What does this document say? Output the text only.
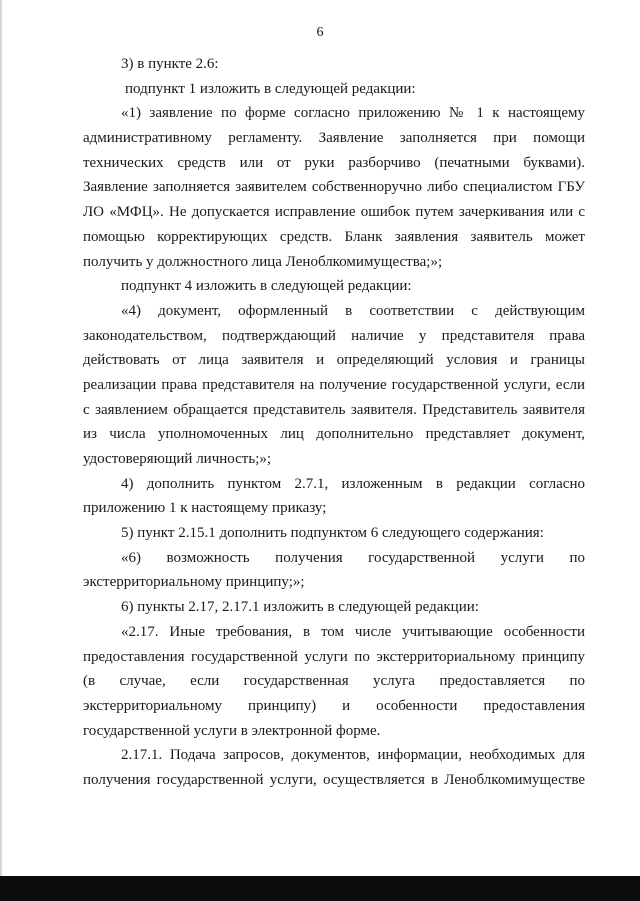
6
3) в пункте 2.6:
подпункт 1 изложить в следующей редакции:
«1) заявление по форме согласно приложению № 1 к настоящему
административному регламенту. Заявление заполняется при помощи
технических средств или от руки разборчиво (печатными буквами).
Заявление заполняется заявителем собственноручно либо специалистом ГБУ
ЛО «МФЦ». Не допускается исправление ошибок путем зачеркивания или с
помощью корректирующих средств. Бланк заявления заявитель может
получить у должностного лица Леноблкомимущества;»;
подпункт 4 изложить в следующей редакции:
«4) документ, оформленный в соответствии с действующим
законодательством, подтверждающий наличие у представителя права
действовать от лица заявителя и определяющий условия и границы
реализации права представителя на получение государственной услуги, если
с заявлением обращается представитель заявителя. Представитель заявителя
из числа уполномоченных лиц дополнительно представляет документ,
удостоверяющий личность;»;
4) дополнить пунктом 2.7.1, изложенным в редакции согласно
приложению 1 к настоящему приказу;
5) пункт 2.15.1 дополнить подпунктом 6 следующего содержания:
«6) возможность получения государственной услуги по
экстерриториальному принципу;»;
6) пункты 2.17, 2.17.1 изложить в следующей редакции:
«2.17. Иные требования, в том числе учитывающие особенности
предоставления государственной услуги по экстерриториальному принципу
(в случае, если государственная услуга предоставляется по
экстерриториальному принципу) и особенности предоставления
государственной услуги в электронной форме.
2.17.1. Подача запросов, документов, информации, необходимых для
получения государственной услуги, осуществляется в Леноблкомимуществе
